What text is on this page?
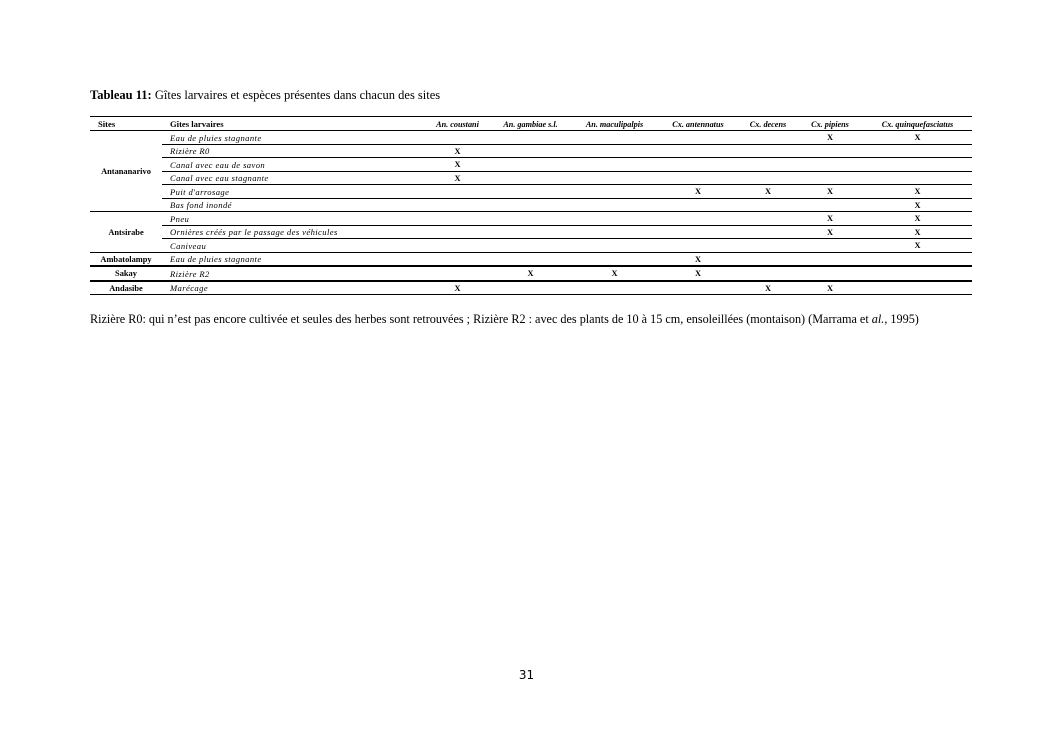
Tableau 11: Gîtes larvaires et espèces présentes dans chacun des sites
Sites	Gîtes larvaires	An. coustani	An. gambiae s.l.	An. maculipalpis	Cx. antennatus	Cx. decens	Cx. pipiens	Cx. quinquefasciatus
Antananarivo	Eau de pluies stagnante						X	X
	Rizière R0	X						
	Canal avec eau de savon	X						
	Canal avec eau stagnante	X						
	Puit d'arrosage				X	X	X	X
	Bas fond inondé							X
Antsirabe	Pneu						X	X
	Ornières créés par le passage des véhicules						X	X
	Caniveau							X
Ambatolampy	Eau de pluies stagnante				X			
Sakay	Rizière R2		X	X	X			
Andasibe	Marécage	X				X	X	
Rizière R0: qui n’est pas encore cultivée et seules des herbes sont retrouvées ; Rizière R2 : avec des plants de 10 à 15 cm, ensoleillées (montaison) (Marrama et al., 1995)
31
